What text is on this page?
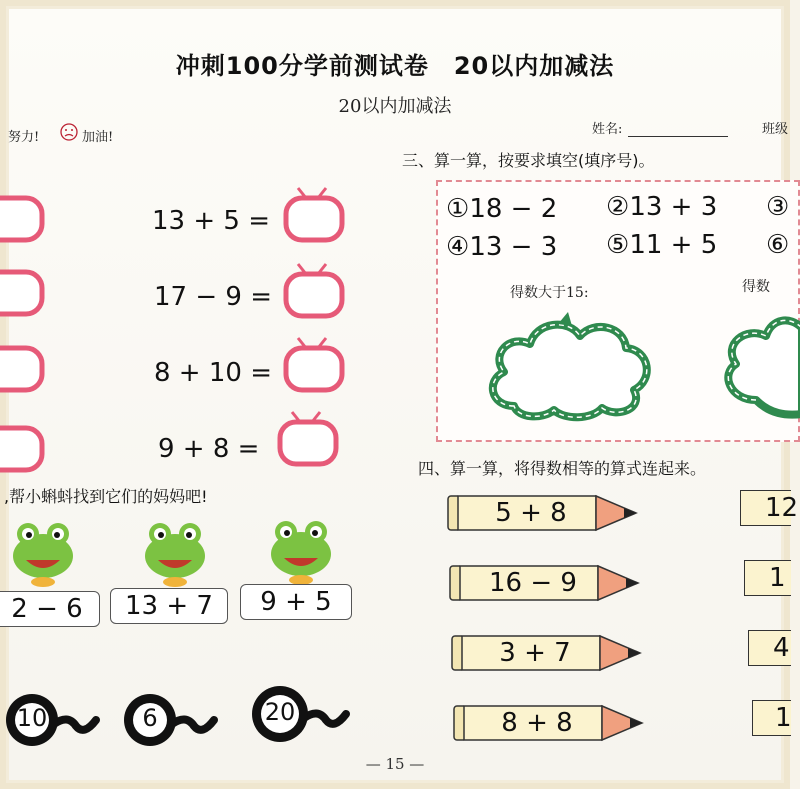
冲刺100分学前测试卷　20以内加减法
20以内加减法
努力!	加油!
姓名:	班级
13 + 5 =
17 − 9 =
8 + 10 =
9 + 8 =
,帮小蝌蚪找到它们的妈妈吧!
2 − 6	13 + 7	9 + 5
10	6	20
三、算一算，按要求填空(填序号)。
①18 − 2 ②13 + 3 ③
④13 − 3 ⑤11 + 5 ⑥
得数大于15:	得数
四、算一算，将得数相等的算式连起来。
5 + 8
16 − 9
3 + 7
8 + 8
12
1
4
1
— 15 —
